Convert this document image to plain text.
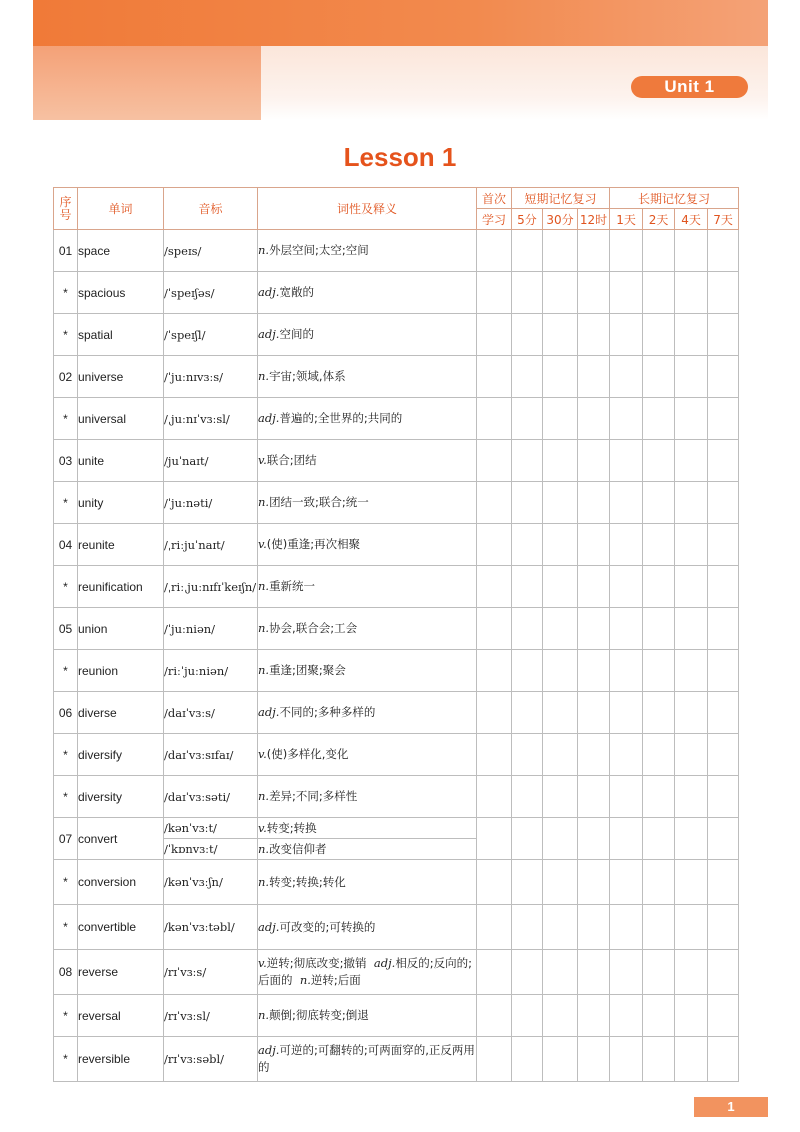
Unit 1
Lesson 1
序号	单词	音标	词性及释义	首次	短期记忆复习			长期记忆复习			
				学习	5分	30分	12时	1天	2天	4天	7天
01	space	/speɪs/	n.外层空间;太空;空间								
*	spacious	/ˈspeɪʃəs/	adj.宽敞的								
*	spatial	/ˈspeɪʃl/	adj.空间的								
02	universe	/ˈjuːnɪvɜːs/	n.宇宙;领域,体系								
*	universal	/ˌjuːnɪˈvɜːsl/	adj.普遍的;全世界的;共同的								
03	unite	/juˈnaɪt/	v.联合;团结								
*	unity	/ˈjuːnəti/	n.团结一致;联合;统一								
04	reunite	/ˌriːjuˈnaɪt/	v.(使)重逢;再次相聚								
*	reunification	/ˌriːˌjuːnɪfɪˈkeɪʃn/	n.重新统一								
05	union	/ˈjuːniən/	n.协会,联合会;工会								
*	reunion	/riːˈjuːniən/	n.重逢;团聚;聚会								
06	diverse	/daɪˈvɜːs/	adj.不同的;多种多样的								
*	diversify	/daɪˈvɜːsɪfaɪ/	v.(使)多样化,变化								
*	diversity	/daɪˈvɜːsəti/	n.差异;不同;多样性								
07	convert	/kənˈvɜːt/	v.转变;转换								
		/ˈkɒnvɜːt/	n.改变信仰者								
*	conversion	/kənˈvɜːʃn/	n.转变;转换;转化								
*	convertible	/kənˈvɜːtəbl/	adj.可改变的;可转换的								
08	reverse	/rɪˈvɜːs/	v.逆转;彻底改变;撤销 adj.相反的;反向的;后面的 n.逆转;后面								
*	reversal	/rɪˈvɜːsl/	n.颠倒;彻底转变;倒退								
*	reversible	/rɪˈvɜːsəbl/	adj.可逆的;可翻转的;可两面穿的,正反两用的								
1
